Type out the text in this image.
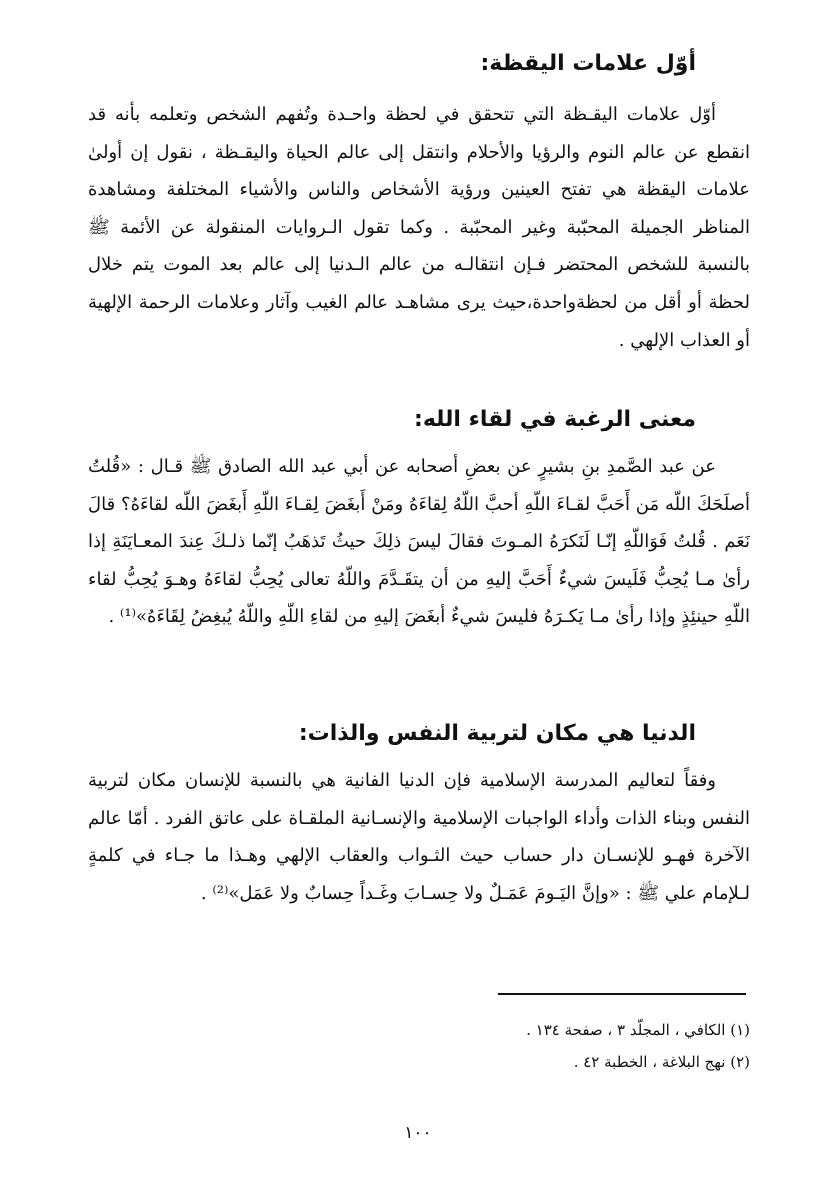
أوّل علامات اليقظة:

أوّل علامات اليقـظة التي تتحقق في لحظة واحـدة وتُفهم الشخص وتعلمه بأنه قد انقطع عن عالم النوم والرؤيا والأحلام وانتقل إلى عالم الحياة واليقـظة ، نقول إن أولىٰ علامات اليقظة هي تفتح العينين ورؤية الأشخاص والناس والأشياء المختلفة ومشاهدة المناظر الجميلة المحبّبة وغير المحبّبة . وكما تقول الـروايات المنقولة عن الأئمة ﷺ بالنسبة للشخص المحتضر فـإن انتقالـه من عالم الـدنيا إلى عالم بعد الموت يتم خلال لحظة أو أقل من لحظةواحدة،حيث يرى مشاهـد عالم الغيب وآثار وعلامات الرحمة الإلهية أو العذاب الإلهي .

معنى الرغبة في لقاء الله:

عن عبد الصَّمدِ بنِ بشيرٍ عن بعضِ أصحابه عن أبي عبد الله الصادق ﷺ قـال : «قُلتُ أصلَحَكَ اللّه مَن أَحَبَّ لقـاءَ اللّهِ أحبَّ اللّهُ لِقاءَهُ ومَنْ أَبغَضَ لِقـاءَ اللّهِ أَبغَضَ اللّه لقاءَهُ؟ قالَ نَعَم . قُلتُ فَوَاللّهِ إنّـا لَنَكرَهُ المـوتَ فقالَ ليسَ ذلِكَ حيثُ تَذهَبُ إنّما ذلـكَ عِندَ المعـايَنَةِ إذا رأىٰ مـا يُحِبُّ فَلَيسَ شيءٌ أَحَبَّ إليهِ من أن يتقَـدَّمَ واللّهُ تعالى يُحِبُّ لقاءَهُ وهـوَ يُحِبُّ لقاء اللّهِ حينئِذٍ وإذا رأىٰ مـا يَكـرَهُ فليسَ شيءٌ أبغَضَ إليهِ من لقاءِ اللّهِ واللّهُ يُبغِضُ لِقَاءَهُ»⁽¹⁾ .

الدنيا هي مكان لتربية النفس والذات:

وفقاً لتعاليم المدرسة الإسلامية فإن الدنيا الفانية هي بالنسبة للإنسان مكان لتربية النفس وبناء الذات وأداء الواجبات الإسلامية والإنسـانية الملقـاة على عاتق الفرد . أمّا عالم الآخرة فهـو للإنسـان دار حساب حيث الثـواب والعقاب الإلهي وهـذا ما جـاء في كلمةٍ لـلإمام علي ﷺ : «وإنَّ اليَـومَ عَمَـلٌ ولا حِسـابَ وغَـداً حِسابٌ ولا عَمَل»⁽²⁾ .

(١) الكافي ، المجلّد ٣ ، صفحة ١٣٤ .
(٢) نهج البلاغة ، الخطبة ٤٢ .
١٠٠
